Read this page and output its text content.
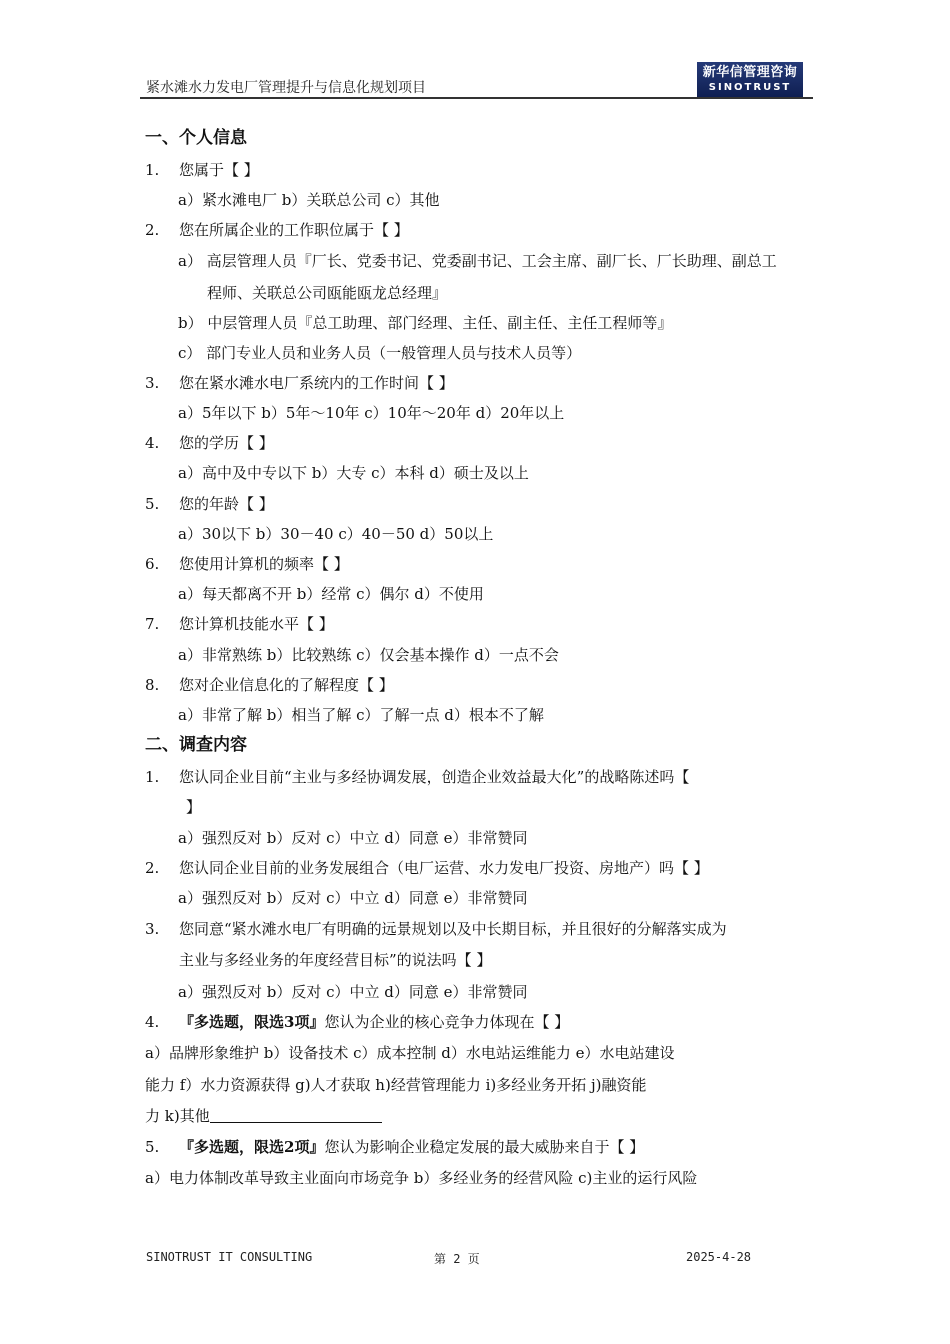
紧水滩水力发电厂管理提升与信息化规划项目
新华信管理咨询
SINOTRUST
一、个人信息
1. 您属于【 】
a）紧水滩电厂 b）关联总公司 c）其他
2. 您在所属企业的工作职位属于【 】
a） 高层管理人员『厂长、党委书记、党委副书记、工会主席、副厂长、厂长助理、副总工
程师、关联总公司瓯能瓯龙总经理』
b） 中层管理人员『总工助理、部门经理、主任、副主任、主任工程师等』
c） 部门专业人员和业务人员（一般管理人员与技术人员等）
3. 您在紧水滩水电厂系统内的工作时间【 】
a）5年以下 b）5年～10年 c）10年～20年 d）20年以上
4. 您的学历【 】
a）高中及中专以下 b）大专 c）本科 d）硕士及以上
5. 您的年龄【 】
a）30以下 b）30－40 c）40－50 d）50以上
6. 您使用计算机的频率【 】
a）每天都离不开 b）经常 c）偶尔 d）不使用
7. 您计算机技能水平【 】
a）非常熟练 b）比较熟练 c）仅会基本操作 d）一点不会
8. 您对企业信息化的了解程度【 】
a）非常了解 b）相当了解 c）了解一点 d）根本不了解
二、调查内容
1. 您认同企业目前“主业与多经协调发展，创造企业效益最大化”的战略陈述吗【
】
a）强烈反对 b）反对 c）中立 d）同意 e）非常赞同
2. 您认同企业目前的业务发展组合（电厂运营、水力发电厂投资、房地产）吗【 】
a）强烈反对 b）反对 c）中立 d）同意 e）非常赞同
3. 您同意“紧水滩水电厂有明确的远景规划以及中长期目标，并且很好的分解落实成为
主业与多经业务的年度经营目标”的说法吗【 】
a）强烈反对 b）反对 c）中立 d）同意 e）非常赞同
4. 『多选题，限选3项』您认为企业的核心竞争力体现在【 】
a）品牌形象维护 b）设备技术 c）成本控制 d）水电站运维能力 e）水电站建设
能力 f）水力资源获得 g)人才获取 h)经营管理能力 i)多经业务开拓 j)融资能
力 k)其他
5. 『多选题，限选2项』您认为影响企业稳定发展的最大威胁来自于【 】
a）电力体制改革导致主业面向市场竞争 b）多经业务的经营风险 c)主业的运行风险
SINOTRUST IT CONSULTING	第 2 页	2025-4-28
